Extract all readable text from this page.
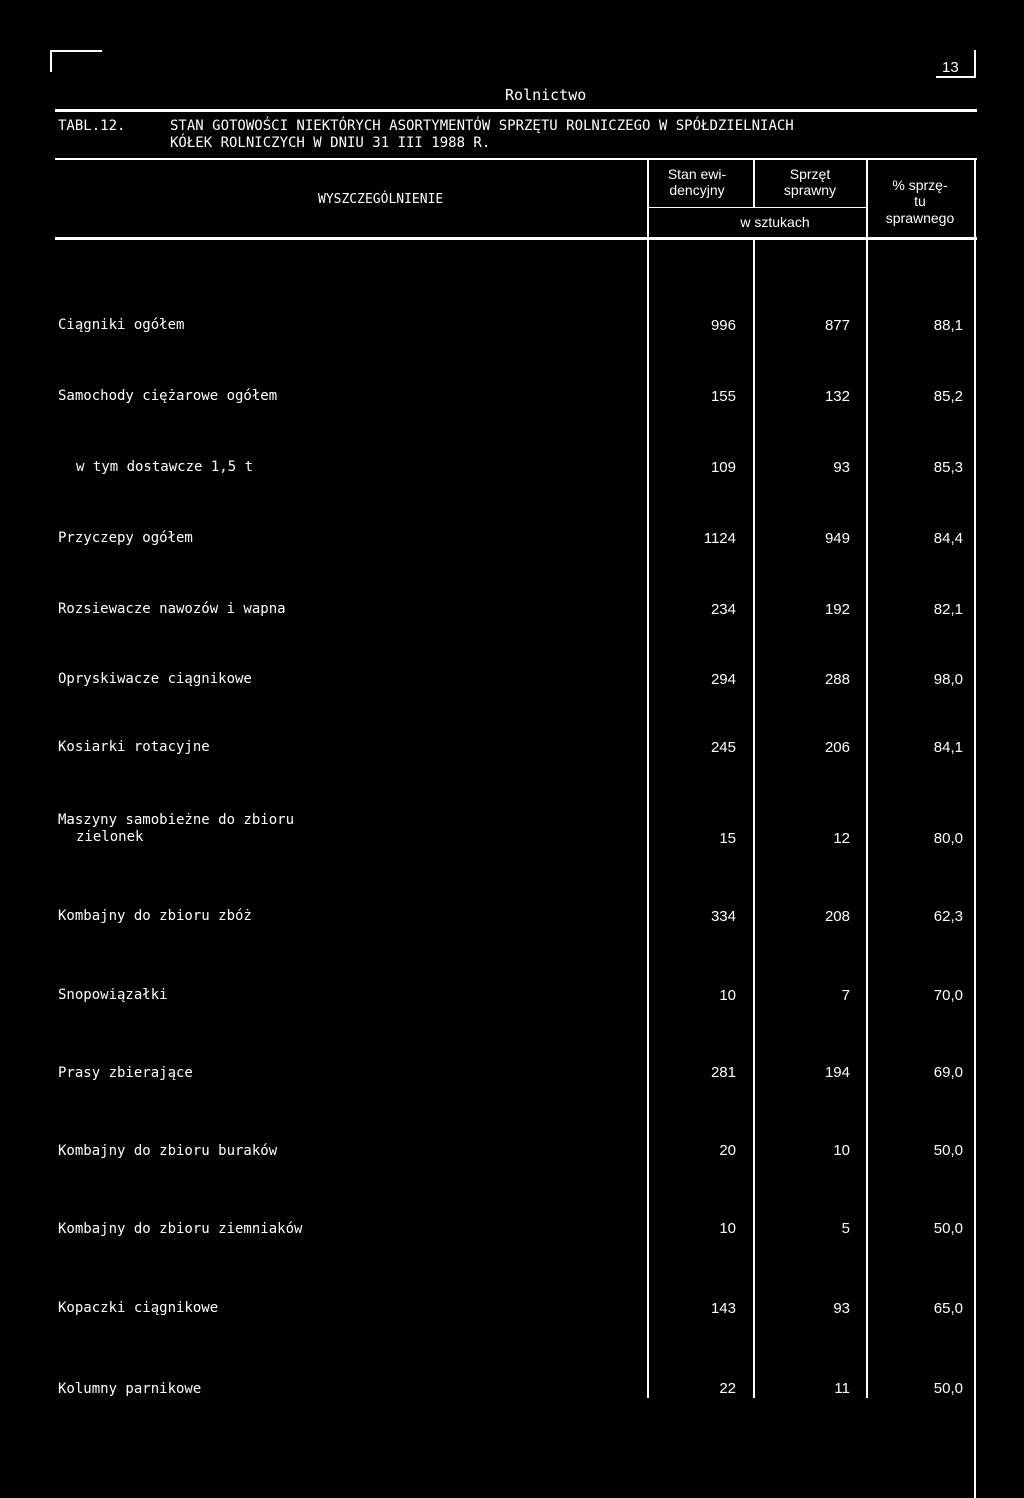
Rolnictwo
13
TABL.12.	STAN GOTOWOŚCI NIEKTÓRYCH ASORTYMENTÓW SPRZĘTU ROLNICZEGO W SPÓŁDZIELNIACH
KÓŁEK ROLNICZYCH W DNIU 31 III 1988 R.
WYSZCZEGÓLNIENIE
Stan ewi-
dencyjny
Sprzęt
sprawny
w sztukach
% sprzę-
tu
sprawnego
Ciągniki ogółem	996	877	88,1
Samochody ciężarowe ogółem	155	132	85,2
w tym dostawcze 1,5 t	109	93	85,3
Przyczepy ogółem	1124	949	84,4
Rozsiewacze nawozów i wapna	234	192	82,1
Opryskiwacze ciągnikowe	294	288	98,0
Kosiarki rotacyjne	245	206	84,1
Maszyny samobieżne do zbioru
zielonek	15	12	80,0
Kombajny do zbioru zbóż	334	208	62,3
Snopowiązałki	10	7	70,0
Prasy zbierające	281	194	69,0
Kombajny do zbioru buraków	20	10	50,0
Kombajny do zbioru ziemniaków	10	5	50,0
Kopaczki ciągnikowe	143	93	65,0
Kolumny parnikowe	22	11	50,0
